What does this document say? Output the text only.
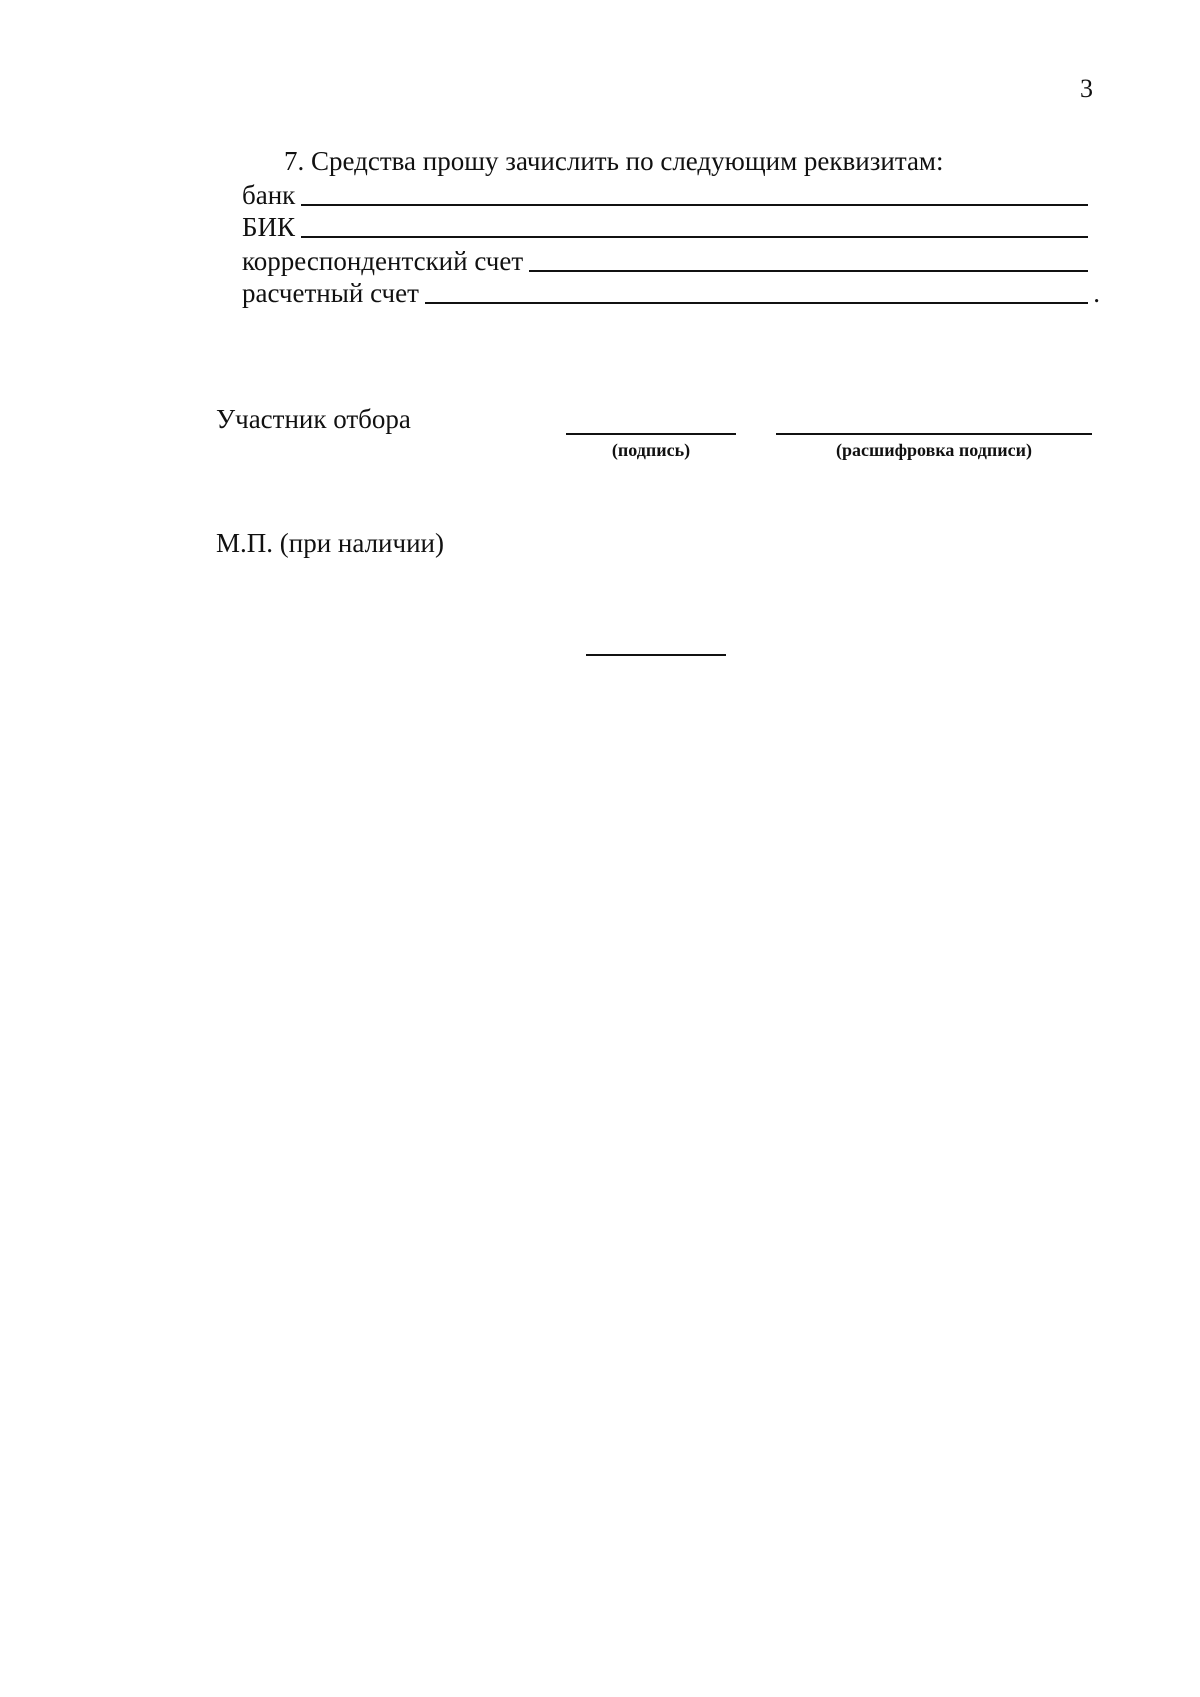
3
7. Средства прошу зачислить по следующим реквизитам:
банк
БИК
корреспондентский счет
расчетный счет	.
Участник отбора
(подпись)	(расшифровка подписи)
М.П. (при наличии)
